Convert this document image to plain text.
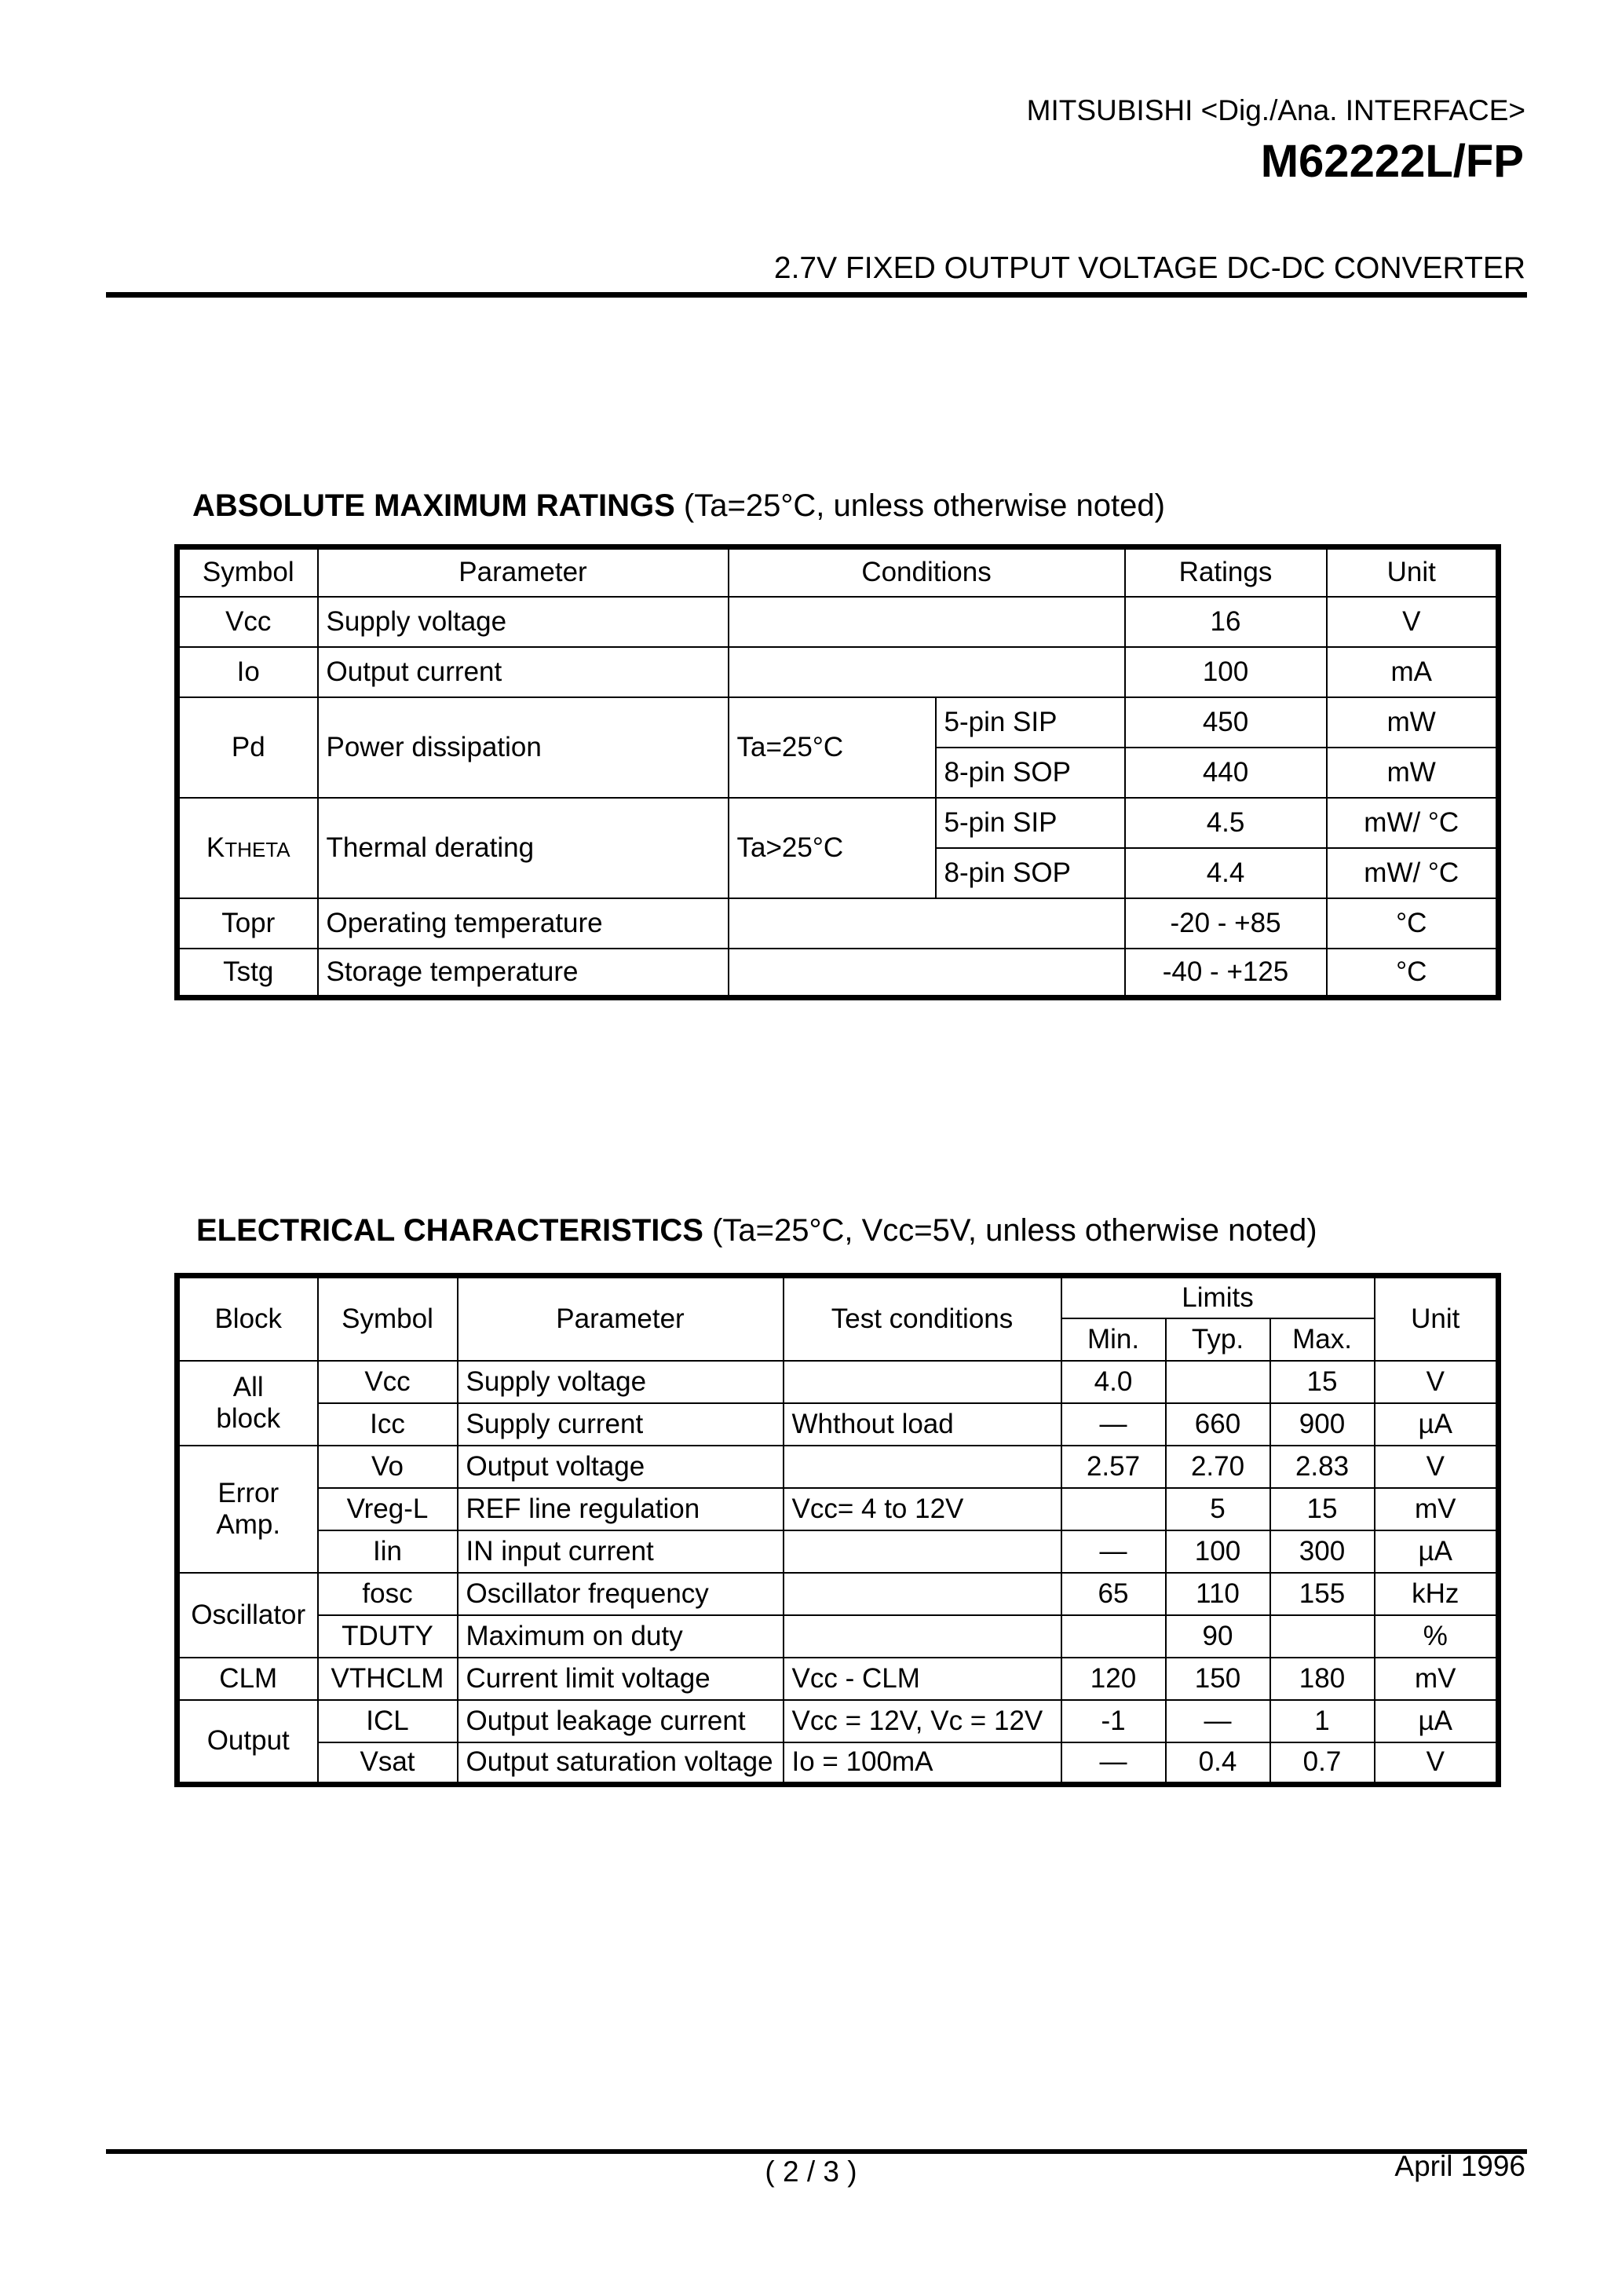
MITSUBISHI <Dig./Ana. INTERFACE>
M62222L/FP
2.7V FIXED OUTPUT VOLTAGE DC-DC CONVERTER
ABSOLUTE MAXIMUM RATINGS (Ta=25°C, unless otherwise noted)
Symbol	Parameter	Conditions		Ratings	Unit
Vcc	Supply voltage			16	V
Io	Output current			100	mA
Pd	Power dissipation	Ta=25°C	5-pin SIP	450	mW
			8-pin SOP	440	mW
KTHETA	Thermal derating	Ta>25°C	5-pin SIP	4.5	mW/ °C
			8-pin SOP	4.4	mW/ °C
Topr	Operating temperature			-20 - +85	°C
Tstg	Storage temperature			-40 - +125	°C
ELECTRICAL CHARACTERISTICS (Ta=25°C, Vcc=5V, unless otherwise noted)
Block	Symbol	Parameter	Test conditions	Limits			Unit
				Min.	Typ.	Max.	

All
block	Vcc	Supply voltage		4.0		15	V
	Icc	Supply current	Whthout load	—	660	900	µA

Error
Amp.	Vo	Output voltage		2.57	2.70	2.83	V
	Vreg-L	REF line regulation	Vcc= 4 to 12V		5	15	mV
	Iin	IN input current		—	100	300	µA
Oscillator	fosc	Oscillator frequency		65	110	155	kHz
	TDUTY	Maximum on duty			90		%
CLM	VTHCLM	Current limit voltage	Vcc - CLM	120	150	180	mV
Output	ICL	Output leakage current	Vcc = 12V, Vc = 12V	-1	—	1	µA
	Vsat	Output saturation voltage	Io = 100mA	—	0.4	0.7	V
( 2 / 3 )	April 1996
